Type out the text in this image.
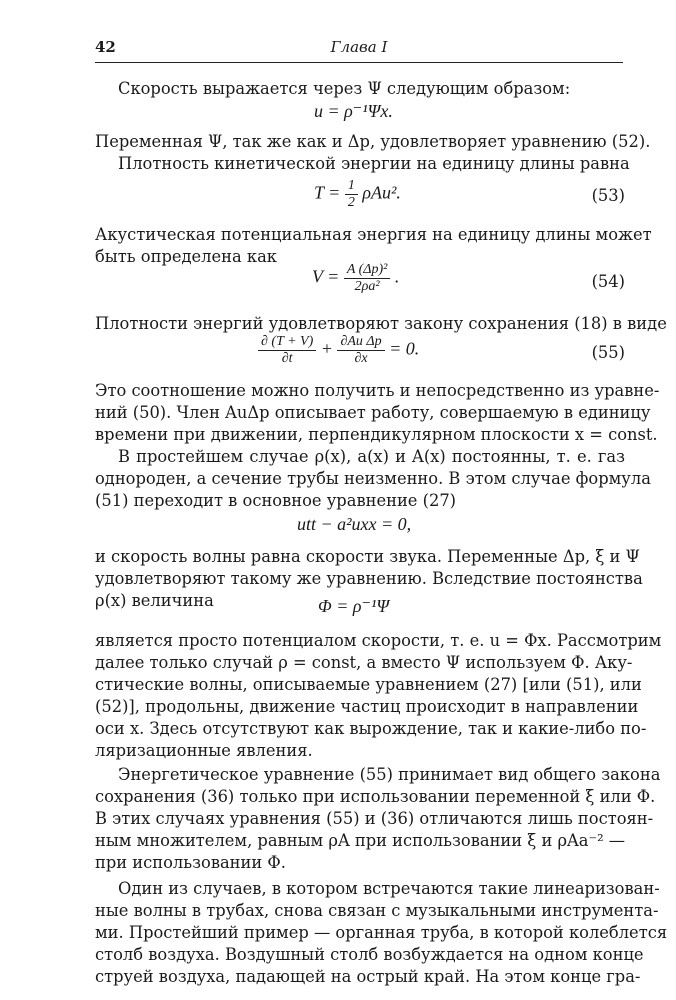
42	Глава I
Скорость выражается через Ψ следующим образом:
u = ρ⁻¹Ψx.
Переменная Ψ, так же как и Δp, удовлетворяет уравнению (52).
Плотность кинетической энергии на единицу длины равна
$T = \frac{1}{2} \rho Au^2$.	(53)
Акустическая потенциальная энергия на единицу длины может
быть определена как
$V = \frac{\text{A (Δp)²}}{\text{2ρa²}}$ .	(54)
Плотности энергий удовлетворяют закону сохранения (18) в виде
$\frac{\partial (T + V)}{\partial t} + \frac{\text{∂Au Δp}}{\partial x} = 0$.	(55)
Это соотношение можно получить и непосредственно из уравне-
ний (50). Член AuΔp описывает работу, совершаемую в единицу
времени при движении, перпендикулярном плоскости x = const.
В простейшем случае ρ(x), a(x) и A(x) постоянны, т. е. газ
однороден, а сечение трубы неизменно. В этом случае формула
(51) переходит в основное уравнение (27)
utt − a²uxx = 0,
и скорость волны равна скорости звука. Переменные Δp, ξ и Ψ
удовлетворяют такому же уравнению. Вследствие постоянства
ρ(x) величина	Φ = ρ⁻¹Ψ
является просто потенциалом скорости, т. е. u = Φx. Рассмотрим
далее только случай ρ = const, а вместо Ψ используем Φ. Аку-
стические волны, описываемые уравнением (27) [или (51), или
(52)], продольны, движение частиц происходит в направлении
оси x. Здесь отсутствуют как вырождение, так и какие-либо по-
ляризационные явления.
Энергетическое уравнение (55) принимает вид общего закона
сохранения (36) только при использовании переменной ξ или Φ.
В этих случаях уравнения (55) и (36) отличаются лишь постоян-
ным множителем, равным ρA при использовании ξ и ρAa⁻² —
при использовании Φ.
Один из случаев, в котором встречаются такие линеаризован-
ные волны в трубах, снова связан с музыкальными инструмента-
ми. Простейший пример — органная труба, в которой колеблется
столб воздуха. Воздушный столб возбуждается на одном конце
струей воздуха, падающей на острый край. На этом конце гра-
